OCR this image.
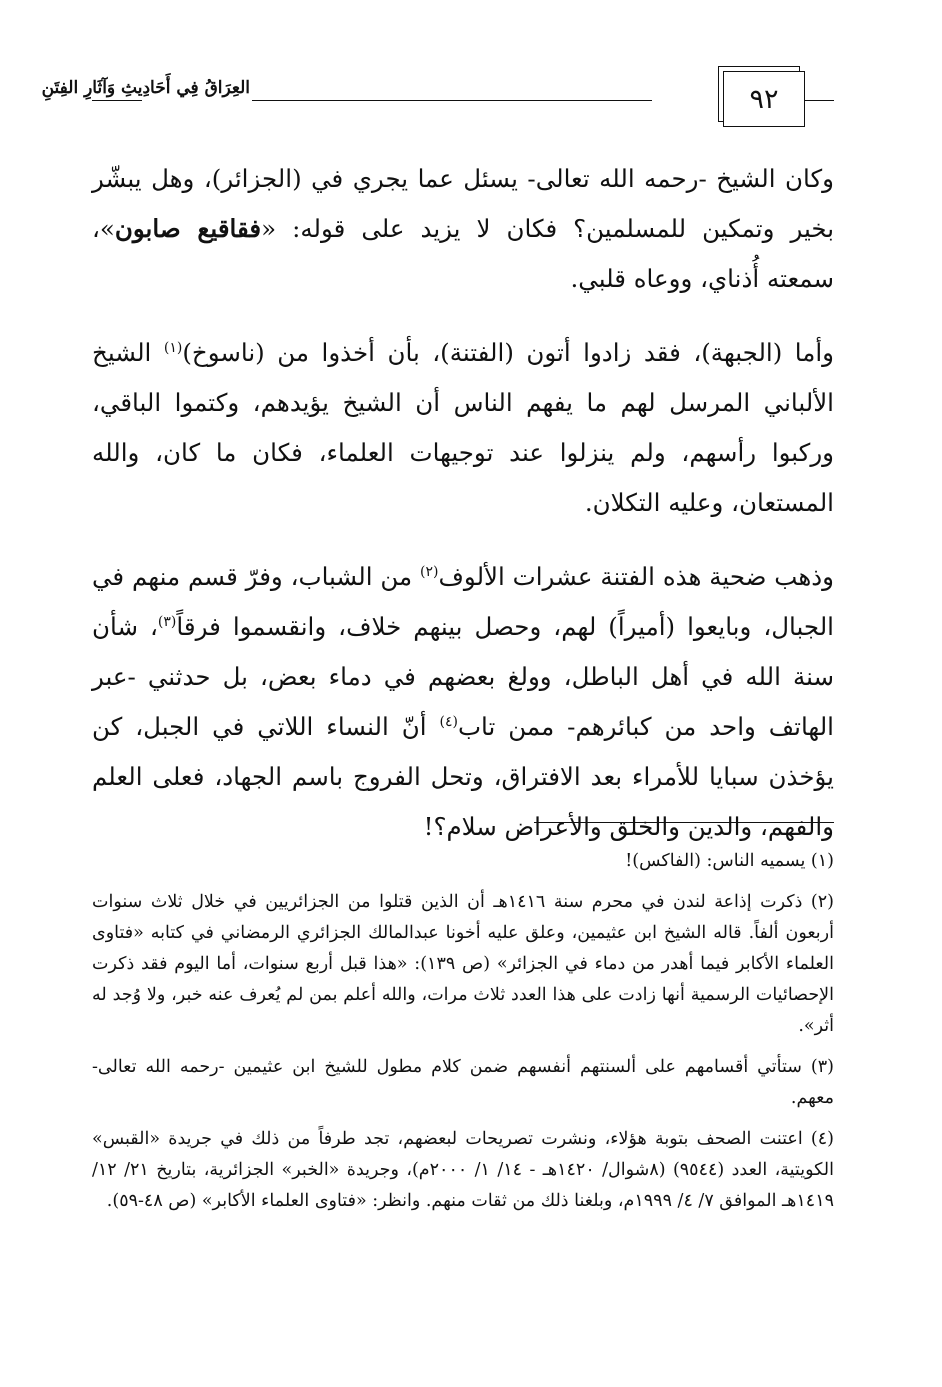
٩٢
العِرَاقُ فِي أَحَادِيثِ وَآثَارِ الفِتَنِ

وكان الشيخ -رحمه الله تعالى- يسئل عما يجري في (الجزائر)، وهل يبشّر بخير وتمكين للمسلمين؟ فكان لا يزيد على قوله: «فقاقيع صابون»، سمعته أُذناي، ووعاه قلبي.

وأما (الجبهة)، فقد زادوا أتون (الفتنة)، بأن أخذوا من (ناسوخ)$^{(١)}$ الشيخ الألباني المرسل لهم ما يفهم الناس أن الشيخ يؤيدهم، وكتموا الباقي، وركبوا رأسهم، ولم ينزلوا عند توجيهات العلماء، فكان ما كان، والله المستعان، وعليه التكلان.

وذهب ضحية هذه الفتنة عشرات الألوف$^{(٢)}$ من الشباب، وفرّ قسم منهم في الجبال، وبايعوا (أميراً) لهم، وحصل بينهم خلاف، وانقسموا فرقاً$^{(٣)}$، شأن سنة الله في أهل الباطل، وولغ بعضهم في دماء بعض، بل حدثني -عبر الهاتف واحد من كبائرهم- ممن تاب$^{(٤)}$ أنّ النساء اللاتي في الجبل، كن يؤخذن سبايا للأمراء بعد الافتراق، وتحل الفروج باسم الجهاد، فعلى العلم والفهم، والدين والخلق والأعراض سلام؟!

(١) يسميه الناس: (الفاكس)!

(٢) ذكرت إذاعة لندن في محرم سنة ١٤١٦هـ أن الذين قتلوا من الجزائريين في خلال ثلاث سنوات أربعون ألفاً. قاله الشيخ ابن عثيمين، وعلق عليه أخونا عبدالمالك الجزائري الرمضاني في كتابه «فتاوى العلماء الأكابر فيما أهدر من دماء في الجزائر» (ص ١٣٩): «هذا قبل أربع سنوات، أما اليوم فقد ذكرت الإحصائيات الرسمية أنها زادت على هذا العدد ثلاث مرات، والله أعلم بمن لم يُعرف عنه خبر، ولا وُجد له أثر».

(٣) ستأتي أقسامهم على ألسنتهم أنفسهم ضمن كلام مطول للشيخ ابن عثيمين -رحمه الله تعالى- معهم.

(٤) اعتنت الصحف بتوبة هؤلاء، ونشرت تصريحات لبعضهم، تجد طرفاً من ذلك في جريدة «القبس» الكويتية، العدد (٩٥٤٤) (٨شوال/ ١٤٢٠هـ - ١٤/ ١/ ٢٠٠٠م)، وجريدة «الخبر» الجزائرية، بتاريخ ٢١/ ١٢/ ١٤١٩هـ الموافق ٧/ ٤/ ١٩٩٩م، وبلغنا ذلك من ثقات منهم. وانظر: «فتاوى العلماء الأكابر» (ص ٤٨-٥٩).
